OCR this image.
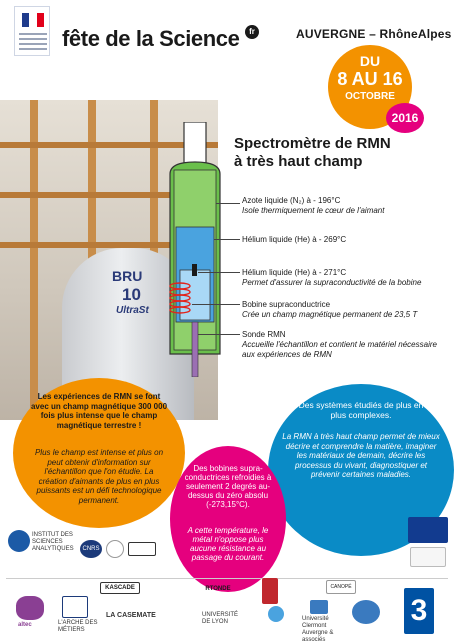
fête de la Science	fr	AUVERGNE – RhôneAlpes
BRU
10
UltraSt
DU
8 AU 16
OCTOBRE
2016
Spectromètre de RMN
à très haut champ
Azote liquide (N₂) à - 196°C
Isole thermiquement le cœur de l'aimant
Hélium liquide (He) à - 269°C
Hélium liquide (He) à - 271°C
Permet d'assurer la supraconductivité de la bobine
Bobine supraconductrice
Crée un champ magnétique permanent de 23,5 T
Sonde RMN
Accueille l'échantillon et contient le matériel nécessaire aux expériences de RMN
Les expériences de RMN se font avec un champ magnétique 300 000 fois plus intense que le champ magnétique terrestre !
Plus le champ est intense et plus on peut obtenir d'information sur l'échantillon que l'on étudie. La création d'aimants de plus en plus puissants est un défi technologique permanent.
Des systèmes étudiés de plus en plus complexes.
La RMN à très haut champ permet de mieux décrire et comprendre la matière, imaginer les matériaux de demain, décrire les processus du vivant, diagnostiquer et prévenir certaines maladies.
Des bobines supra-conductrices refroidies à seulement 2 degrés au-dessus du zéro absolu (-273,15°C).
A cette température, le métal n'oppose plus aucune résistance au passage du courant.
INSTITUT DES SCIENCES ANALYTIQUES	CNRS
KASCADE	RTONDE	CANOPÉ
altec	L'ARCHE DES MÉTIERS
LA CASEMATE	UNIVERSITÉ DE LYON	Université Clermont Auvergne & associés
3
